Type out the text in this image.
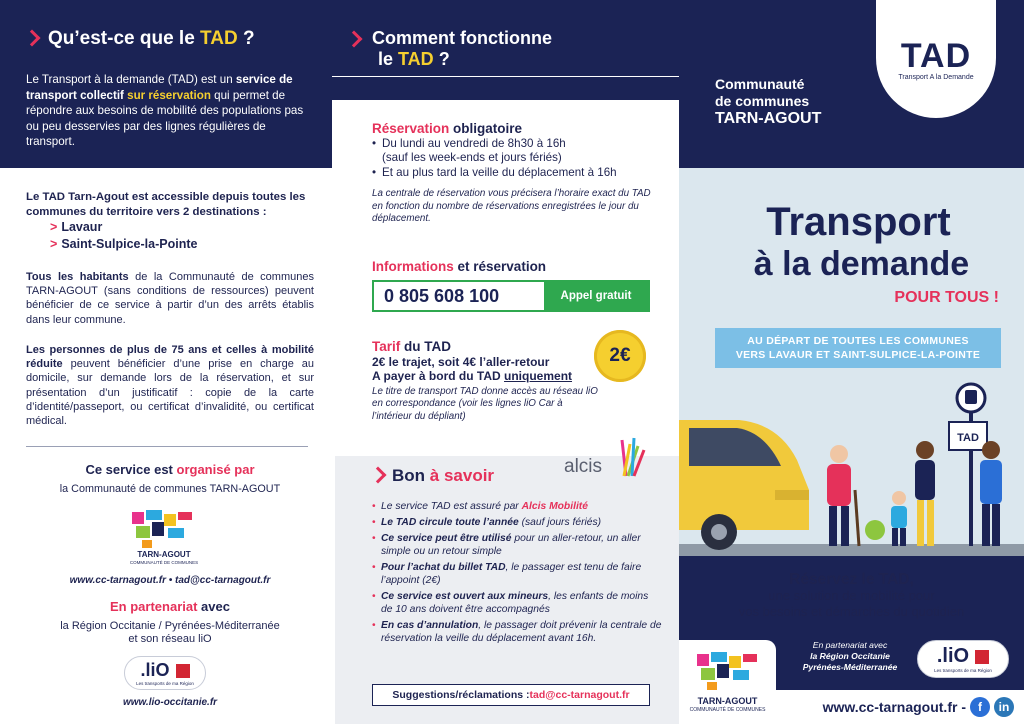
Qu’est-ce que le TAD ?
Le Transport à la demande (TAD) est un service de transport collectif sur réservation qui permet de répondre aux besoins de mobilité des populations pas ou peu desservies par des lignes régulières de transport.
Le TAD Tarn-Agout est accessible depuis toutes les communes du territoire vers 2 destinations :
> Lavaur
> Saint-Sulpice-la-Pointe
Tous les habitants de la Communauté de communes TARN-AGOUT (sans conditions de ressources) peuvent bénéficier de ce service à partir d’un des arrêts établis dans leur commune.
Les personnes de plus de 75 ans et celles à mobilité réduite peuvent bénéficier d’une prise en charge au domicile, sur demande lors de la réservation, et sur présentation d’un justificatif : copie de la carte d’identité/passeport, ou certificat d’invalidité, ou certificat médical.
Ce service est organisé par
la Communauté de communes TARN-AGOUT
TARN-AGOUT
COMMUNAUTÉ DE COMMUNES
www.cc-tarnagout.fr • tad@cc-tarnagout.fr
En partenariat avec
la Région Occitanie / Pyrénées-Méditerranée
et son réseau liO
.liO
Les transports de ma Région
www.lio-occitanie.fr
Comment fonctionne
le TAD ?
Réservation obligatoire
• Du lundi au vendredi de 8h30 à 16h
(sauf les week-ends et jours fériés)
• Et au plus tard la veille du déplacement à 16h
La centrale de réservation vous précisera l’horaire exact du TAD en fonction du nombre de réservations enregistrées le jour du déplacement.
Informations et réservation
0 805 608 100	Appel gratuit
Tarif du TAD
2€ le trajet, soit 4€ l’aller-retour
A payer à bord du TAD uniquement
Le titre de transport TAD donne accès au réseau liO en correspondance (voir les lignes liO Car à l’intérieur du dépliant)
2€
alcis
Bon à savoir
• Le service TAD est assuré par Alcis Mobilité
• Le TAD circule toute l’année (sauf jours fériés)
• Ce service peut être utilisé pour un aller-retour, un aller simple ou un retour simple
• Pour l’achat du billet TAD, le passager est tenu de faire l’appoint (2€)
• Ce service est ouvert aux mineurs, les enfants de moins de 10 ans doivent être accompagnés
• En cas d’annulation, le passager doit prévenir la centrale de réservation la veille du déplacement avant 16h.
Suggestions/réclamations : tad@cc-tarnagout.fr
TAD
Transport A la Demande
Communauté
de communes
TARN-AGOUT
Transport
à la demande
POUR TOUS !
AU DÉPART DE TOUTES LES COMMUNES
VERS LAVAUR ET SAINT-SULPICE-LA-POINTE
TAD
Réservez le TAD,
une solution de mobilité pour
vos besoins et démarches du quotidien
TARN-AGOUT
COMMUNAUTÉ DE COMMUNES
En partenariat avec
la Région Occitanie
Pyrénées-Méditerranée	.liO
Les transports de ma Région
www.cc-tarnagout.fr -	f	in
